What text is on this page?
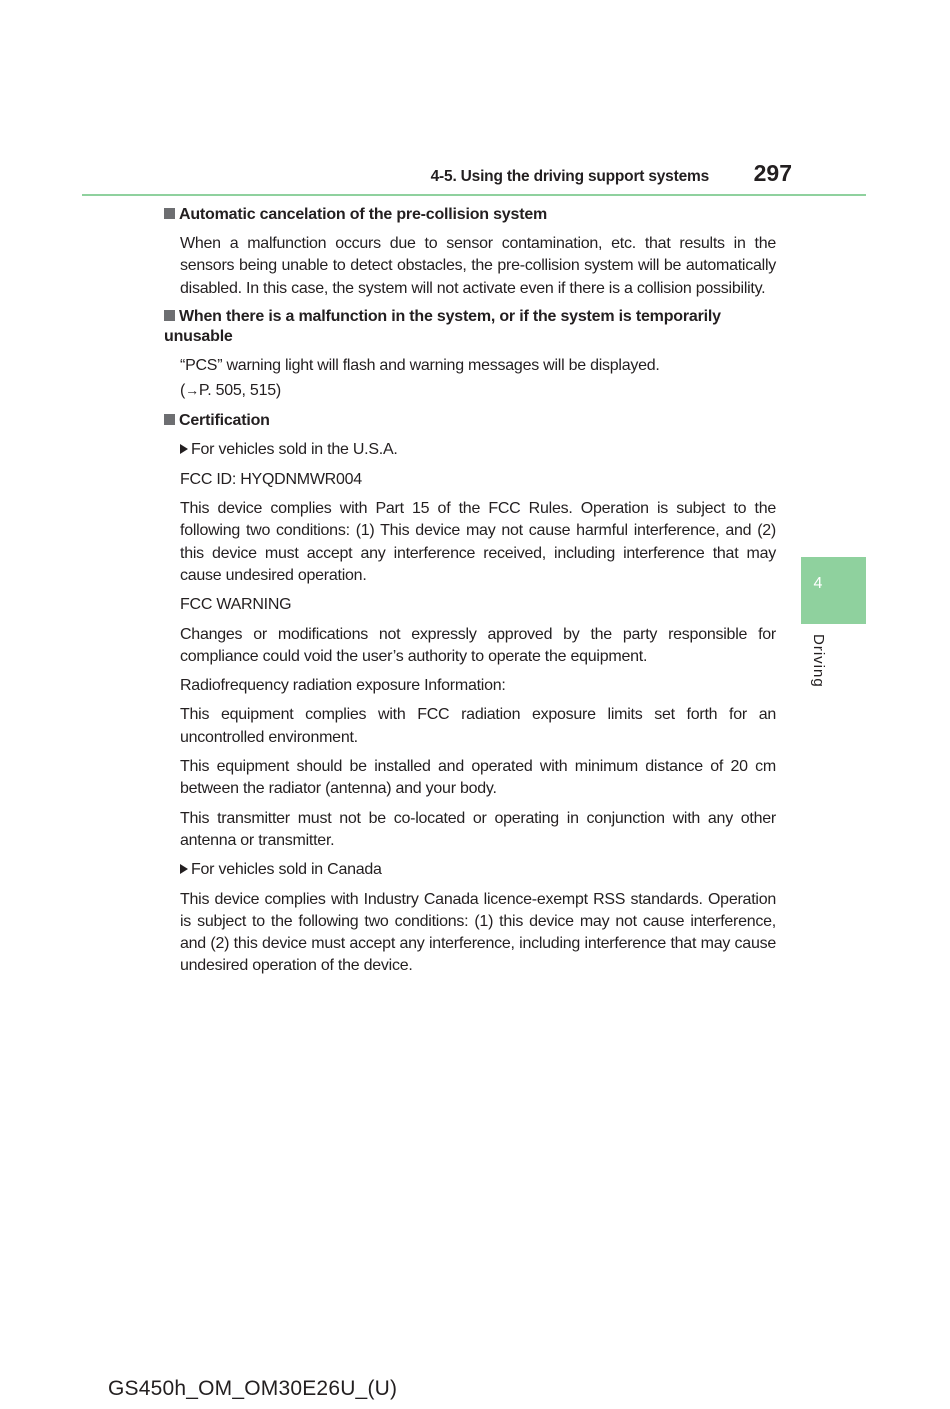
4-5. Using the driving support systems 297
4
Driving
Automatic cancelation of the pre-collision system
When a malfunction occurs due to sensor contamination, etc. that results in the sensors being unable to detect obstacles, the pre-collision system will be automatically disabled. In this case, the system will not activate even if there is a collision possibility.
When there is a malfunction in the system, or if the system is temporarily unusable
“PCS” warning light will flash and warning messages will be displayed.
(→P. 505, 515)
Certification
For vehicles sold in the U.S.A.
FCC ID: HYQDNMWR004
This device complies with Part 15 of the FCC Rules. Operation is subject to the following two conditions: (1) This device may not cause harmful interference, and (2) this device must accept any interference received, including interference that may cause undesired operation.
FCC WARNING
Changes or modifications not expressly approved by the party responsible for compliance could void the user’s authority to operate the equipment.
Radiofrequency radiation exposure Information:
This equipment complies with FCC radiation exposure limits set forth for an uncontrolled environment.
This equipment should be installed and operated with minimum distance of 20 cm between the radiator (antenna) and your body.
This transmitter must not be co-located or operating in conjunction with any other antenna or transmitter.
For vehicles sold in Canada
This device complies with Industry Canada licence-exempt RSS standards. Operation is subject to the following two conditions: (1) this device may not cause interference, and (2) this device must accept any interference, including interference that may cause undesired operation of the device.
GS450h_OM_OM30E26U_(U)
